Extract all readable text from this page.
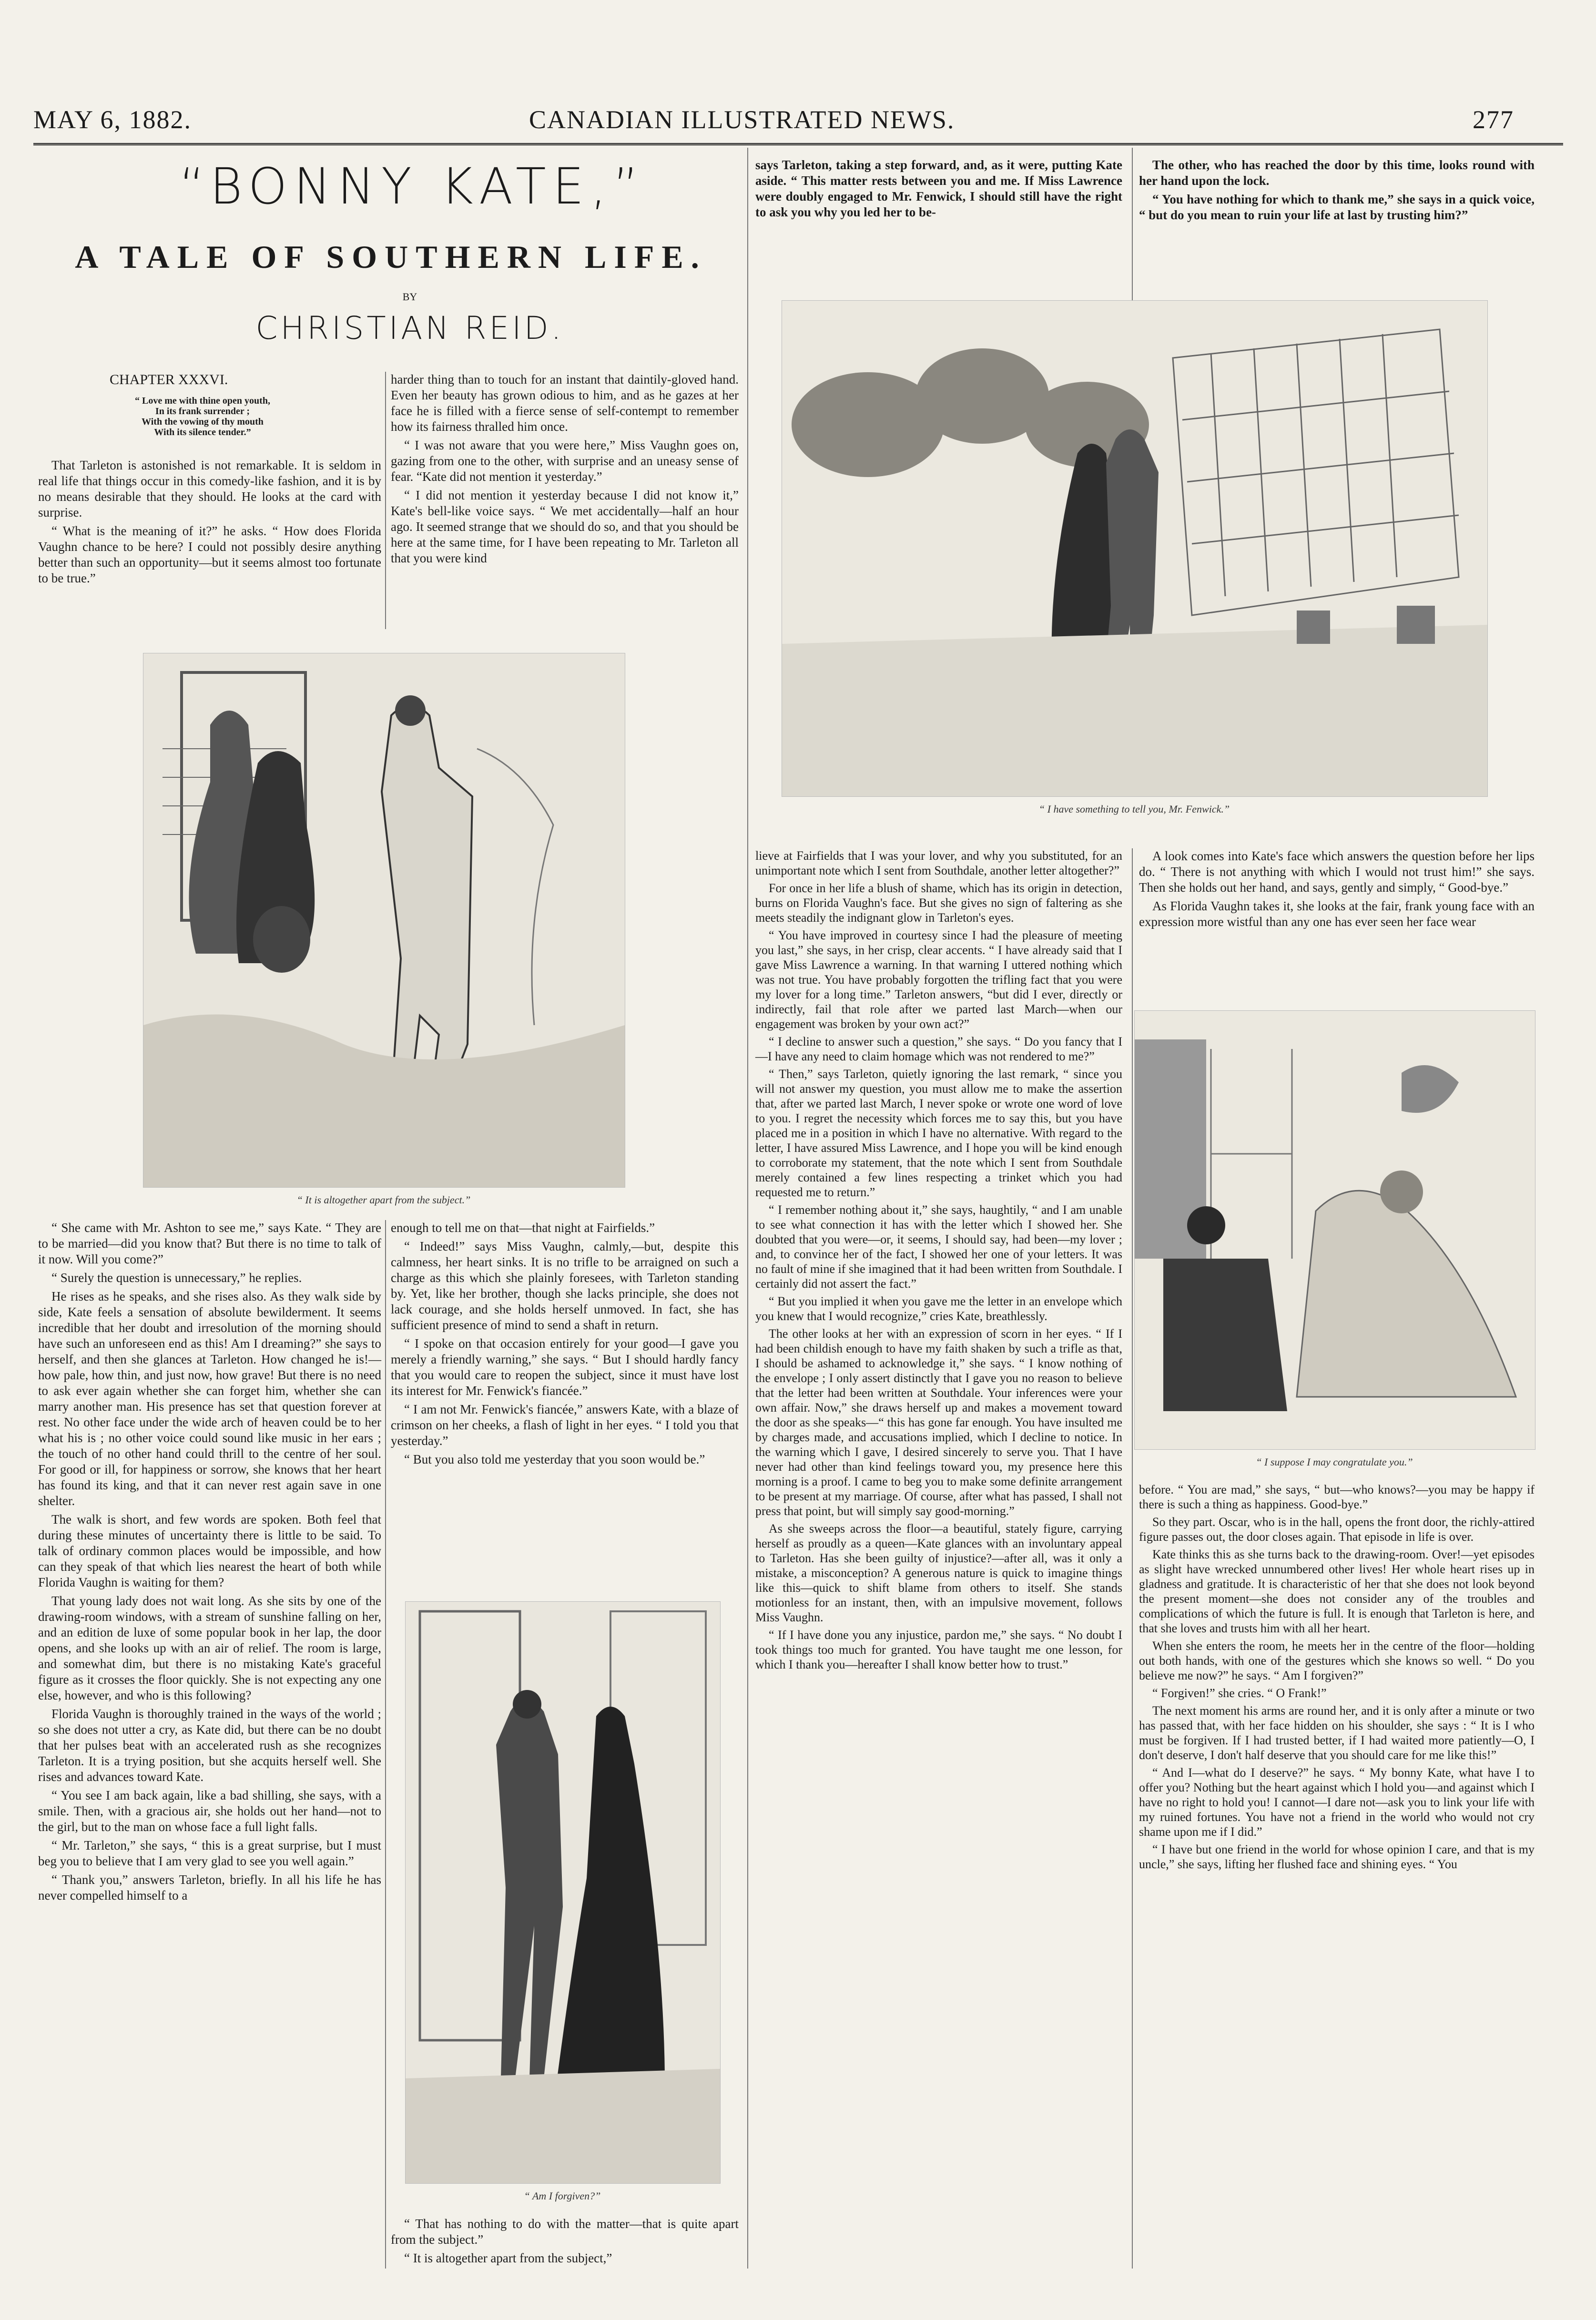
MAY 6, 1882.	CANADIAN ILLUSTRATED NEWS.	277
“BONNY KATE,”
A TALE OF SOUTHERN LIFE.
BY
CHRISTIAN REID.
CHAPTER XXXVI.
“ Love me with thine open youth,
In its frank surrender ;
With the vowing of thy mouth
With its silence tender.”

That Tarleton is astonished is not remarkable. It is seldom in real life that things occur in this comedy-like fashion, and it is by no means desirable that they should. He looks at the card with surprise.

“ What is the meaning of it?” he asks. “ How does Florida Vaughn chance to be here? I could not possibly desire anything better than such an opportunity—but it seems almost too fortunate to be true.”

harder thing than to touch for an instant that daintily-gloved hand. Even her beauty has grown odious to him, and as he gazes at her face he is filled with a fierce sense of self-contempt to remember how its fairness thralled him once.

“ I was not aware that you were here,” Miss Vaughn goes on, gazing from one to the other, with surprise and an uneasy sense of fear. “Kate did not mention it yesterday.”

“ I did not mention it yesterday because I did not know it,” Kate's bell-like voice says. “ We met accidentally—half an hour ago. It seemed strange that we should do so, and that you should be here at the same time, for I have been repeating to Mr. Tarleton all that you were kind

“ It is altogether apart from the subject.”

says Tarleton, taking a step forward, and, as it were, putting Kate aside. “ This matter rests between you and me. If Miss Lawrence were doubly engaged to Mr. Fenwick, I should still have the right to ask you why you led her to be-

The other, who has reached the door by this time, looks round with her hand upon the lock.

“ You have nothing for which to thank me,” she says in a quick voice, “ but do you mean to ruin your life at last by trusting him?”

“ I have something to tell you, Mr. Fenwick.”

“ She came with Mr. Ashton to see me,” says Kate. “ They are to be married—did you know that? But there is no time to talk of it now. Will you come?”

“ Surely the question is unnecessary,” he replies.

He rises as he speaks, and she rises also. As they walk side by side, Kate feels a sensation of absolute bewilderment. It seems incredible that her doubt and irresolution of the morning should have such an unforeseen end as this! Am I dreaming?” she says to herself, and then she glances at Tarleton. How changed he is!—how pale, how thin, and just now, how grave! But there is no need to ask ever again whether she can forget him, whether she can marry another man. His presence has set that question forever at rest. No other face under the wide arch of heaven could be to her what his is ; no other voice could sound like music in her ears ; the touch of no other hand could thrill to the centre of her soul. For good or ill, for happiness or sorrow, she knows that her heart has found its king, and that it can never rest again save in one shelter.

The walk is short, and few words are spoken. Both feel that during these minutes of uncertainty there is little to be said. To talk of ordinary common places would be impossible, and how can they speak of that which lies nearest the heart of both while Florida Vaughn is waiting for them?

That young lady does not wait long. As she sits by one of the drawing-room windows, with a stream of sunshine falling on her, and an edition de luxe of some popular book in her lap, the door opens, and she looks up with an air of relief. The room is large, and somewhat dim, but there is no mistaking Kate's graceful figure as it crosses the floor quickly. She is not expecting any one else, however, and who is this following?

Florida Vaughn is thoroughly trained in the ways of the world ; so she does not utter a cry, as Kate did, but there can be no doubt that her pulses beat with an accelerated rush as she recognizes Tarleton. It is a trying position, but she acquits herself well. She rises and advances toward Kate.

“ You see I am back again, like a bad shilling, she says, with a smile. Then, with a gracious air, she holds out her hand—not to the girl, but to the man on whose face a full light falls.

“ Mr. Tarleton,” she says, “ this is a great surprise, but I must beg you to believe that I am very glad to see you well again.”

“ Thank you,” answers Tarleton, briefly. In all his life he has never compelled himself to a

enough to tell me on that—that night at Fairfields.”

“ Indeed!” says Miss Vaughn, calmly,—but, despite this calmness, her heart sinks. It is no trifle to be arraigned on such a charge as this which she plainly foresees, with Tarleton standing by. Yet, like her brother, though she lacks principle, she does not lack courage, and she holds herself unmoved. In fact, she has sufficient presence of mind to send a shaft in return.

“ I spoke on that occasion entirely for your good—I gave you merely a friendly warning,” she says. “ But I should hardly fancy that you would care to reopen the subject, since it must have lost its interest for Mr. Fenwick's fiancée.”

“ I am not Mr. Fenwick's fiancée,” answers Kate, with a blaze of crimson on her cheeks, a flash of light in her eyes. “ I told you that yesterday.”

“ But you also told me yesterday that you soon would be.”

“ Am I forgiven?”

“ That has nothing to do with the matter—that is quite apart from the subject.”

“ It is altogether apart from the subject,”

lieve at Fairfields that I was your lover, and why you substituted, for an unimportant note which I sent from Southdale, another letter altogether?”

For once in her life a blush of shame, which has its origin in detection, burns on Florida Vaughn's face. But she gives no sign of faltering as she meets steadily the indignant glow in Tarleton's eyes.

“ You have improved in courtesy since I had the pleasure of meeting you last,” she says, in her crisp, clear accents. “ I have already said that I gave Miss Lawrence a warning. In that warning I uttered nothing which was not true. You have probably forgotten the trifling fact that you were my lover for a long time.” Tarleton answers, “but did I ever, directly or indirectly, fail that role after we parted last March—when our engagement was broken by your own act?”

“ I decline to answer such a question,” she says. “ Do you fancy that I—I have any need to claim homage which was not rendered to me?”

“ Then,” says Tarleton, quietly ignoring the last remark, “ since you will not answer my question, you must allow me to make the assertion that, after we parted last March, I never spoke or wrote one word of love to you. I regret the necessity which forces me to say this, but you have placed me in a position in which I have no alternative. With regard to the letter, I have assured Miss Lawrence, and I hope you will be kind enough to corroborate my statement, that the note which I sent from Southdale merely contained a few lines respecting a trinket which you had requested me to return.”

“ I remember nothing about it,” she says, haughtily, “ and I am unable to see what connection it has with the letter which I showed her. She doubted that you were—or, it seems, I should say, had been—my lover ; and, to convince her of the fact, I showed her one of your letters. It was no fault of mine if she imagined that it had been written from Southdale. I certainly did not assert the fact.”

“ But you implied it when you gave me the letter in an envelope which you knew that I would recognize,” cries Kate, breathlessly.

The other looks at her with an expression of scorn in her eyes. “ If I had been childish enough to have my faith shaken by such a trifle as that, I should be ashamed to acknowledge it,” she says. “ I know nothing of the envelope ; I only assert distinctly that I gave you no reason to believe that the letter had been written at Southdale. Your inferences were your own affair. Now,” she draws herself up and makes a movement toward the door as she speaks—“ this has gone far enough. You have insulted me by charges made, and accusations implied, which I decline to notice. In the warning which I gave, I desired sincerely to serve you. That I have never had other than kind feelings toward you, my presence here this morning is a proof. I came to beg you to make some definite arrangement to be present at my marriage. Of course, after what has passed, I shall not press that point, but will simply say good-morning.”

As she sweeps across the floor—a beautiful, stately figure, carrying herself as proudly as a queen—Kate glances with an involuntary appeal to Tarleton. Has she been guilty of injustice?—after all, was it only a mistake, a misconception? A generous nature is quick to imagine things like this—quick to shift blame from others to itself. She stands motionless for an instant, then, with an impulsive movement, follows Miss Vaughn.

“ If I have done you any injustice, pardon me,” she says. “ No doubt I took things too much for granted. You have taught me one lesson, for which I thank you—hereafter I shall know better how to trust.”

A look comes into Kate's face which answers the question before her lips do. “ There is not anything with which I would not trust him!” she says. Then she holds out her hand, and says, gently and simply, “ Good-bye.”

As Florida Vaughn takes it, she looks at the fair, frank young face with an expression more wistful than any one has ever seen her face wear

“ I suppose I may congratulate you.”

before. “ You are mad,” she says, “ but—who knows?—you may be happy if there is such a thing as happiness. Good-bye.”

So they part. Oscar, who is in the hall, opens the front door, the richly-attired figure passes out, the door closes again. That episode in life is over.

Kate thinks this as she turns back to the drawing-room. Over!—yet episodes as slight have wrecked unnumbered other lives! Her whole heart rises up in gladness and gratitude. It is characteristic of her that she does not look beyond the present moment—she does not consider any of the troubles and complications of which the future is full. It is enough that Tarleton is here, and that she loves and trusts him with all her heart.

When she enters the room, he meets her in the centre of the floor—holding out both hands, with one of the gestures which she knows so well. “ Do you believe me now?” he says. “ Am I forgiven?”

“ Forgiven!” she cries. “ O Frank!”

The next moment his arms are round her, and it is only after a minute or two has passed that, with her face hidden on his shoulder, she says : “ It is I who must be forgiven. If I had trusted better, if I had waited more patiently—O, I don't deserve, I don't half deserve that you should care for me like this!”

“ And I—what do I deserve?” he says. “ My bonny Kate, what have I to offer you? Nothing but the heart against which I hold you—and against which I have no right to hold you! I cannot—I dare not—ask you to link your life with my ruined fortunes. You have not a friend in the world who would not cry shame upon me if I did.”

“ I have but one friend in the world for whose opinion I care, and that is my uncle,” she says, lifting her flushed face and shining eyes. “ You
